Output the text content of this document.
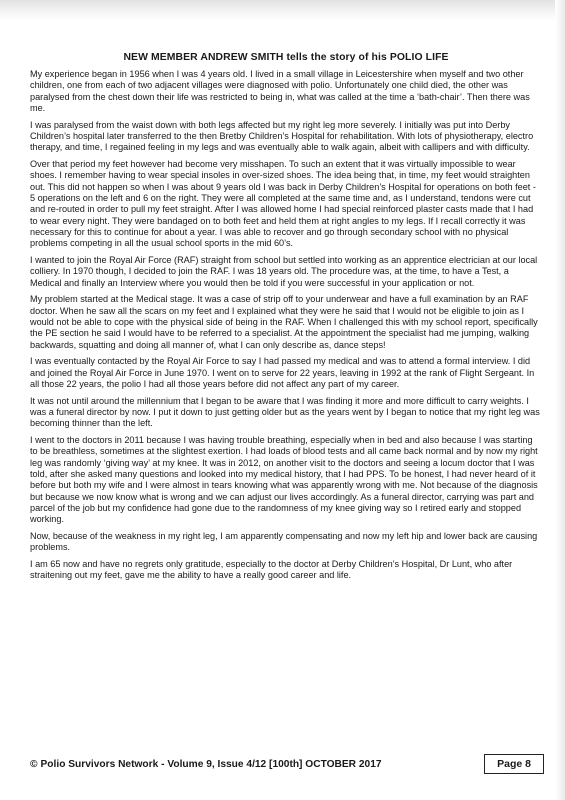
NEW MEMBER ANDREW SMITH tells the story of his POLIO LIFE

My experience began in 1956 when I was 4 years old. I lived in a small village in Leicestershire when myself and two other children, one from each of two adjacent villages were diagnosed with polio. Unfortunately one child died, the other was paralysed from the chest down their life was restricted to being in, what was called at the time a ‘bath-chair’. Then there was me.

I was paralysed from the waist down with both legs affected but my right leg more severely. I initially was put into Derby Children’s hospital later transferred to the then Bretby Children’s Hospital for rehabilitation. With lots of physiotherapy, electro therapy, and time, I regained feeling in my legs and was eventually able to walk again, albeit with callipers and with difficulty.

Over that period my feet however had become very misshapen. To such an extent that it was virtually impossible to wear shoes. I remember having to wear special insoles in over-sized shoes. The idea being that, in time, my feet would straighten out. This did not happen so when I was about 9 years old I was back in Derby Children’s Hospital for operations on both feet - 5 operations on the left and 6 on the right. They were all completed at the same time and, as I understand, tendons were cut and re-routed in order to pull my feet straight. After I was allowed home I had special reinforced plaster casts made that I had to wear every night. They were bandaged on to both feet and held them at right angles to my legs. If I recall correctly it was necessary for this to continue for about a year. I was able to recover and go through secondary school with no physical problems competing in all the usual school sports in the mid 60’s.

I wanted to join the Royal Air Force (RAF) straight from school but settled into working as an apprentice electrician at our local colliery. In 1970 though, I decided to join the RAF. I was 18 years old. The procedure was, at the time, to have a Test, a Medical and finally an Interview where you would then be told if you were successful in your application or not.

My problem started at the Medical stage. It was a case of strip off to your underwear and have a full examination by an RAF doctor. When he saw all the scars on my feet and I explained what they were he said that I would not be eligible to join as I would not be able to cope with the physical side of being in the RAF. When I challenged this with my school report, specifically the PE section he said I would have to be referred to a specialist. At the appointment the specialist had me jumping, walking backwards, squatting and doing all manner of, what I can only describe as, dance steps!

I was eventually contacted by the Royal Air Force to say I had passed my medical and was to attend a formal interview. I did and joined the Royal Air Force in June 1970. I went on to serve for 22 years, leaving in 1992 at the rank of Flight Sergeant. In all those 22 years, the polio I had all those years before did not affect any part of my career.

It was not until around the millennium that I began to be aware that I was finding it more and more difficult to carry weights. I was a funeral director by now. I put it down to just getting older but as the years went by I began to notice that my right leg was becoming thinner than the left.

I went to the doctors in 2011 because I was having trouble breathing, especially when in bed and also because I was starting to be breathless, sometimes at the slightest exertion. I had loads of blood tests and all came back normal and by now my right leg was randomly ‘giving way’ at my knee. It was in 2012, on another visit to the doctors and seeing a locum doctor that I was told, after she asked many questions and looked into my medical history, that I had PPS. To be honest, I had never heard of it before but both my wife and I were almost in tears knowing what was apparently wrong with me. Not because of the diagnosis but because we now know what is wrong and we can adjust our lives accordingly. As a funeral director, carrying was part and parcel of the job but my confidence had gone due to the randomness of my knee giving way so I retired early and stopped working.

Now, because of the weakness in my right leg, I am apparently compensating and now my left hip and lower back are causing problems.

I am 65 now and have no regrets only gratitude, especially to the doctor at Derby Children’s Hospital, Dr Lunt, who after straitening out my feet, gave me the ability to have a really good career and life.

© Polio Survivors Network - Volume 9, Issue 4/12 [100th] OCTOBER 2017	Page 8
